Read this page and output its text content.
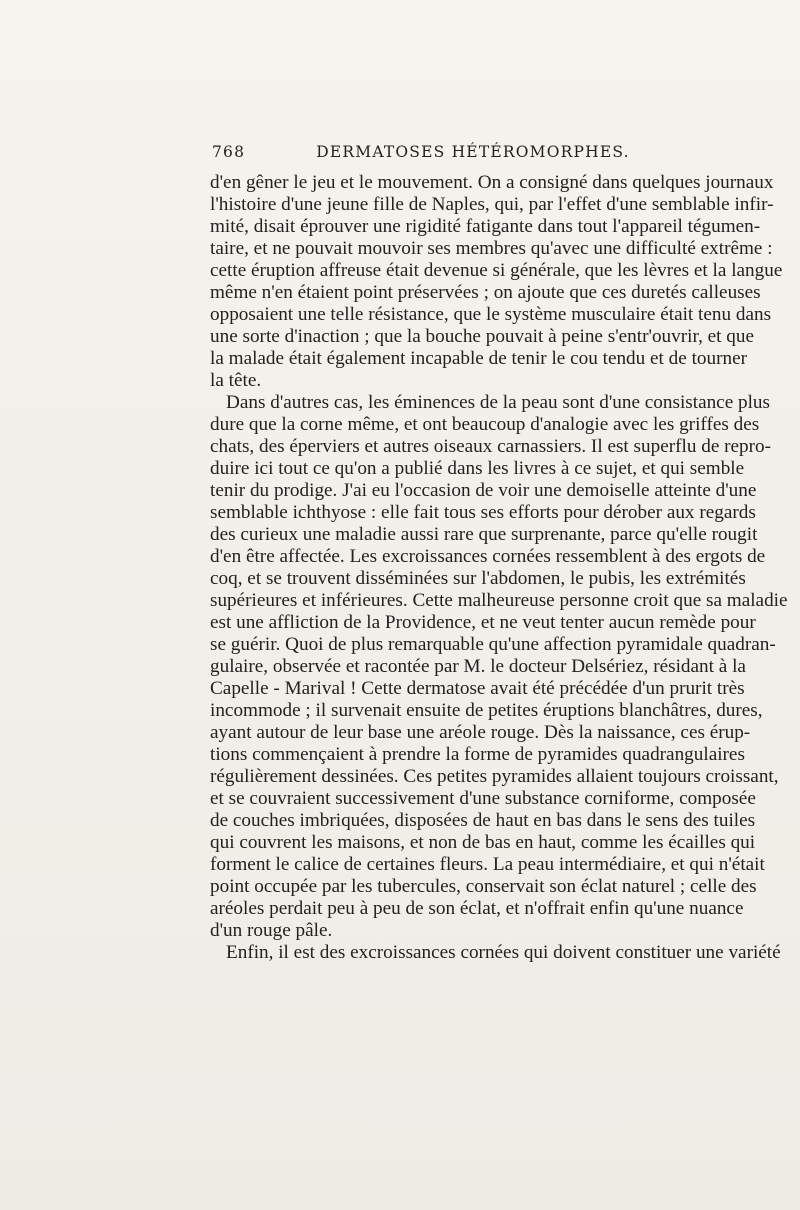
768	DERMATOSES HÉTÉROMORPHES.
d'en gêner le jeu et le mouvement. On a consigné dans quelques journaux
l'histoire d'une jeune fille de Naples, qui, par l'effet d'une semblable infir-
mité, disait éprouver une rigidité fatigante dans tout l'appareil tégumen-
taire, et ne pouvait mouvoir ses membres qu'avec une difficulté extrême :
cette éruption affreuse était devenue si générale, que les lèvres et la langue
même n'en étaient point préservées ; on ajoute que ces duretés calleuses
opposaient une telle résistance, que le système musculaire était tenu dans
une sorte d'inaction ; que la bouche pouvait à peine s'entr'ouvrir, et que
la malade était également incapable de tenir le cou tendu et de tourner
la tête.
Dans d'autres cas, les éminences de la peau sont d'une consistance plus
dure que la corne même, et ont beaucoup d'analogie avec les griffes des
chats, des éperviers et autres oiseaux carnassiers. Il est superflu de repro-
duire ici tout ce qu'on a publié dans les livres à ce sujet, et qui semble
tenir du prodige. J'ai eu l'occasion de voir une demoiselle atteinte d'une
semblable ichthyose : elle fait tous ses efforts pour dérober aux regards
des curieux une maladie aussi rare que surprenante, parce qu'elle rougit
d'en être affectée. Les excroissances cornées ressemblent à des ergots de
coq, et se trouvent disséminées sur l'abdomen, le pubis, les extrémités
supérieures et inférieures. Cette malheureuse personne croit que sa maladie
est une affliction de la Providence, et ne veut tenter aucun remède pour
se guérir. Quoi de plus remarquable qu'une affection pyramidale quadran-
gulaire, observée et racontée par M. le docteur Delsériez, résidant à la
Capelle - Marival ! Cette dermatose avait été précédée d'un prurit très
incommode ; il survenait ensuite de petites éruptions blanchâtres, dures,
ayant autour de leur base une aréole rouge. Dès la naissance, ces érup-
tions commençaient à prendre la forme de pyramides quadrangulaires
régulièrement dessinées. Ces petites pyramides allaient toujours croissant,
et se couvraient successivement d'une substance corniforme, composée
de couches imbriquées, disposées de haut en bas dans le sens des tuiles
qui couvrent les maisons, et non de bas en haut, comme les écailles qui
forment le calice de certaines fleurs. La peau intermédiaire, et qui n'était
point occupée par les tubercules, conservait son éclat naturel ; celle des
aréoles perdait peu à peu de son éclat, et n'offrait enfin qu'une nuance
d'un rouge pâle.
Enfin, il est des excroissances cornées qui doivent constituer une variété
